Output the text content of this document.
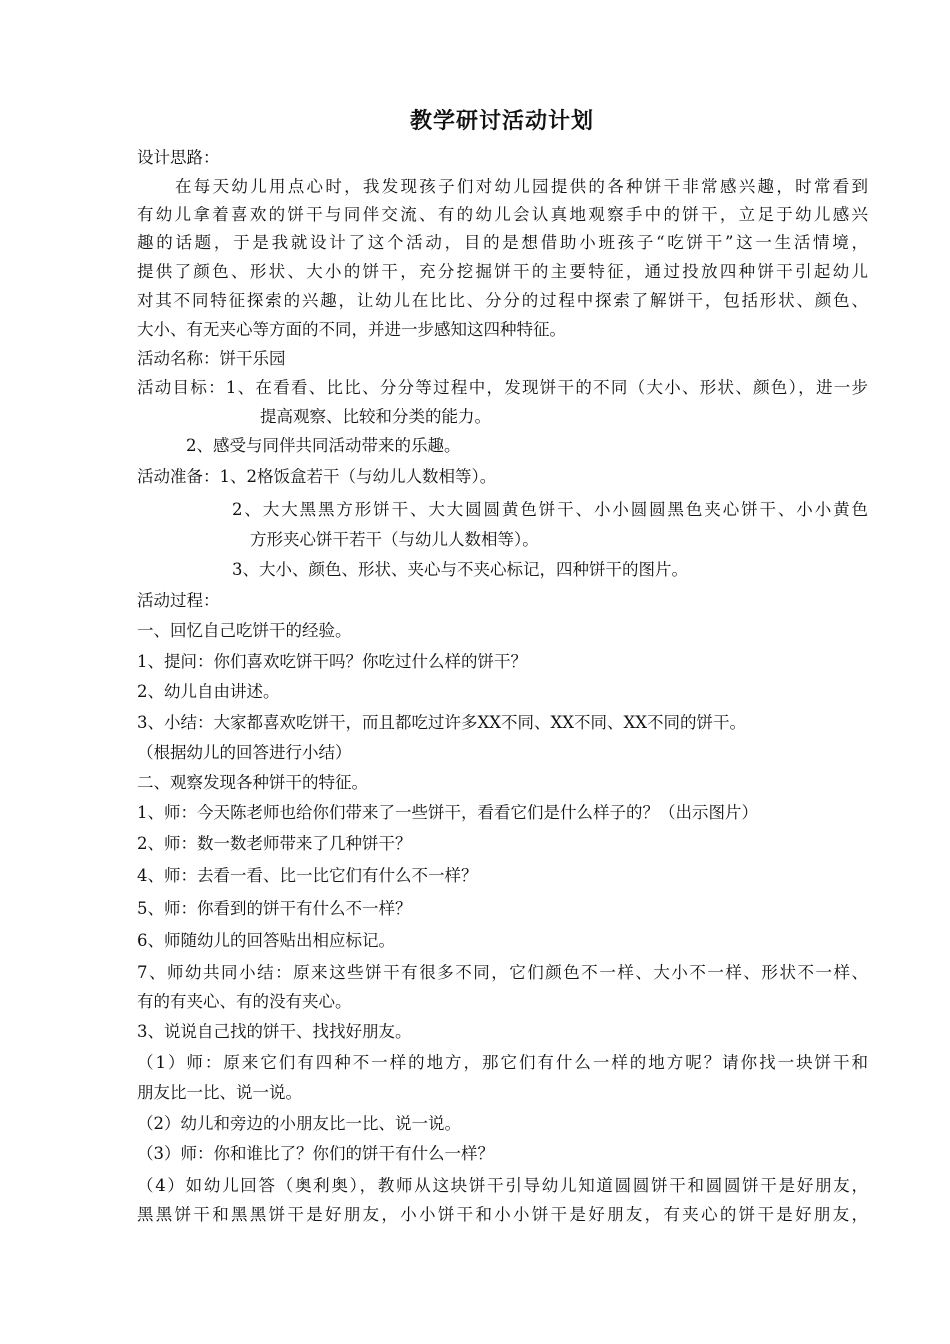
教学研讨活动计划
设计思路：
在每天幼儿用点心时，我发现孩子们对幼儿园提供的各种饼干非常感兴趣，时常看到
有幼儿拿着喜欢的饼干与同伴交流、有的幼儿会认真地观察手中的饼干，立足于幼儿感兴
趣的话题，于是我就设计了这个活动，目的是想借助小班孩子“吃饼干”这一生活情境，
提供了颜色、形状、大小的饼干，充分挖掘饼干的主要特征，通过投放四种饼干引起幼儿
对其不同特征探索的兴趣，让幼儿在比比、分分的过程中探索了解饼干，包括形状、颜色、
大小、有无夹心等方面的不同，并进一步感知这四种特征。
活动名称：饼干乐园
活动目标：1、在看看、比比、分分等过程中，发现饼干的不同（大小、形状、颜色），进一步
提高观察、比较和分类的能力。
2、感受与同伴共同活动带来的乐趣。
活动准备：1、2格饭盒若干（与幼儿人数相等）。
2、大大黑黑方形饼干、大大圆圆黄色饼干、小小圆圆黑色夹心饼干、小小黄色
方形夹心饼干若干（与幼儿人数相等）。
3、大小、颜色、形状、夹心与不夹心标记，四种饼干的图片。
活动过程：
一、回忆自己吃饼干的经验。
1、提问：你们喜欢吃饼干吗？你吃过什么样的饼干？
2、幼儿自由讲述。
3、小结：大家都喜欢吃饼干，而且都吃过许多XX不同、XX不同、XX不同的饼干。
（根据幼儿的回答进行小结）
二、观察发现各种饼干的特征。
1、师：今天陈老师也给你们带来了一些饼干，看看它们是什么样子的？（出示图片）
2、师：数一数老师带来了几种饼干？
4、师：去看一看、比一比它们有什么不一样？
5、师：你看到的饼干有什么不一样？
6、师随幼儿的回答贴出相应标记。
7、师幼共同小结：原来这些饼干有很多不同，它们颜色不一样、大小不一样、形状不一样、
有的有夹心、有的没有夹心。
3、说说自己找的饼干、找找好朋友。
（1）师：原来它们有四种不一样的地方，那它们有什么一样的地方呢？请你找一块饼干和
朋友比一比、说一说。
（2）幼儿和旁边的小朋友比一比、说一说。
（3）师：你和谁比了？你们的饼干有什么一样？
（4）如幼儿回答（奥利奥），教师从这块饼干引导幼儿知道圆圆饼干和圆圆饼干是好朋友，
黑黑饼干和黑黑饼干是好朋友，小小饼干和小小饼干是好朋友，有夹心的饼干是好朋友，
